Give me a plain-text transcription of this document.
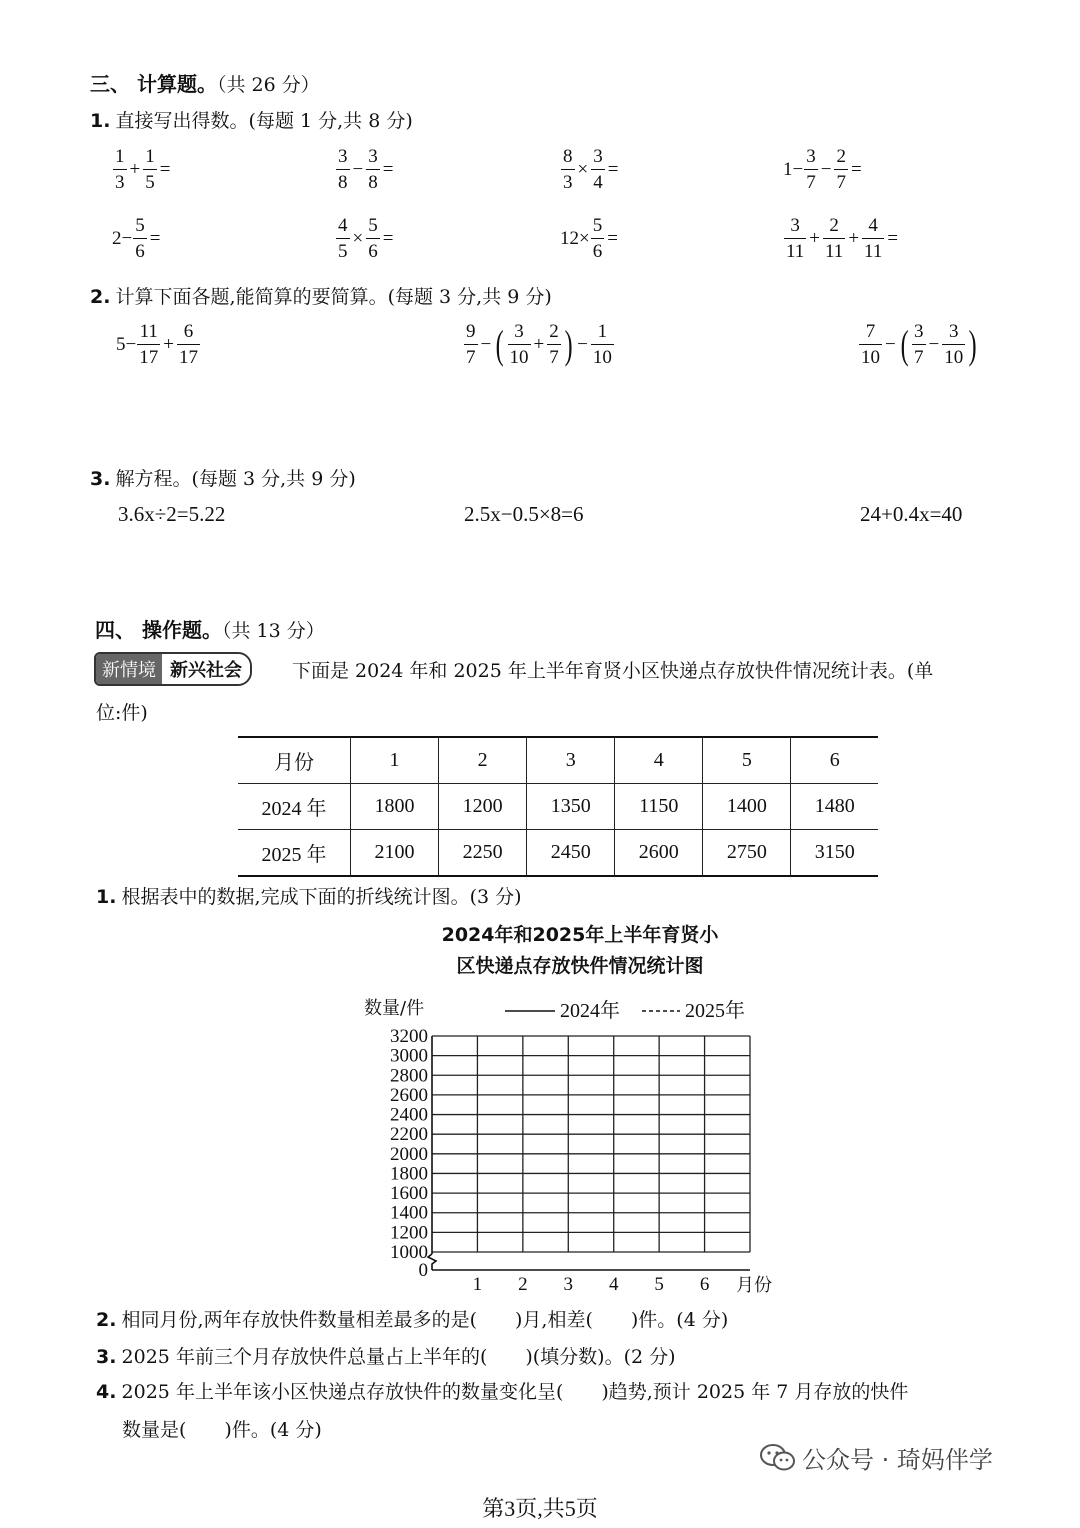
三、 计算题。（共 26 分）
1. 直接写出得数。(每题 1 分,共 8 分)
$\frac{1}{3} + \frac{1}{5}$ =	$\frac{3}{8} - \frac{3}{8}$ =	$\frac{8}{3} \times \frac{3}{4}$ =	$1- \frac{3}{7} - \frac{2}{7}$ =
$2- \frac{5}{6}$ =	$\frac{4}{5} \times \frac{5}{6}$ =	$12\times \frac{5}{6}$ =	$\frac{3}{11} + \frac{2}{11} + \frac{4}{11}$ =
2. 计算下面各题,能简算的要简算。(每题 3 分,共 9 分)
$5- \frac{11}{17} + \frac{6}{17}$	$\frac{9}{7}$ − ( $\frac{3}{10} + \frac{2}{7}$ ) − $\frac{1}{10}$	$\frac{7}{10}$ − ( $\frac{3}{7} - \frac{3}{10}$ )
3. 解方程。(每题 3 分,共 9 分)
3.6x÷2=5.22	2.5x−0.5×8=6	24+0.4x=40
四、 操作题。（共 13 分）
新情境 新兴社会	下面是 2024 年和 2025 年上半年育贤小区快递点存放快件情况统计表。(单
位:件)
月份	1	2	3	4	5	6
2024 年	1800	1200	1350	1150	1400	1480
2025 年	2100	2250	2450	2600	2750	3150
1. 根据表中的数据,完成下面的折线统计图。(3 分)
2024年和2025年上半年育贤小
区快递点存放快件情况统计图
3200
3000
2800
2600
2400
2200
2000
1800
1600
1400
1200
1000
0
1 2 3 4 5 6
数量/件
月份
2024年	2025年
2. 相同月份,两年存放快件数量相差最多的是(　　)月,相差(　　)件。(4 分)
3. 2025 年前三个月存放快件总量占上半年的(　　)(填分数)。(2 分)
4. 2025 年上半年该小区快递点存放快件的数量变化呈(　　)趋势,预计 2025 年 7 月存放的快件
数量是(　　)件。(4 分)
公众号 · 琦妈伴学
第3页,共5页
